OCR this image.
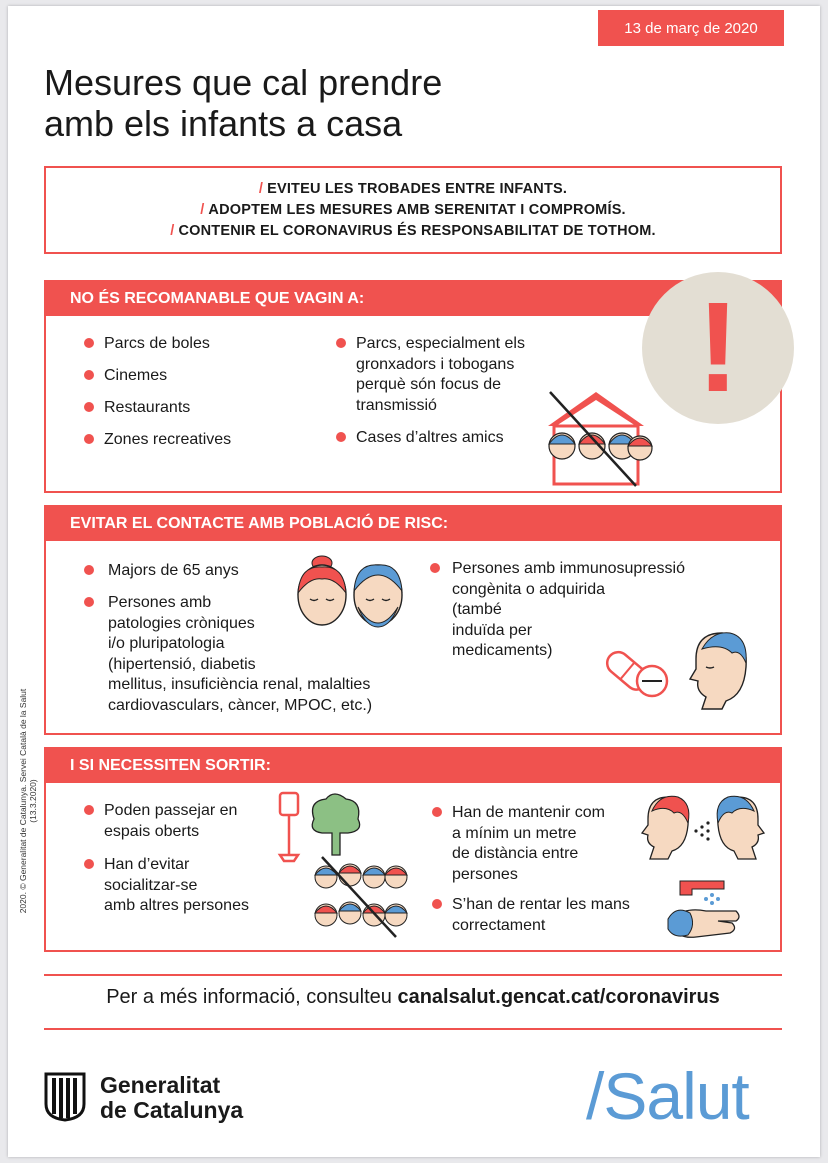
13 de març de 2020
Mesures que cal prendre
amb els infants a casa
/ EVITEU LES TROBADES ENTRE INFANTS.
/ ADOPTEM LES MESURES AMB SERENITAT I COMPROMÍS.
/ CONTENIR EL CORONAVIRUS ÉS RESPONSABILITAT DE TOTHOM.
NO ÉS RECOMANABLE QUE VAGIN A:
Parcs de boles
Cinemes
Restaurants
Zones recreatives
Parcs, especialment els
gronxadors i tobogans
perquè són focus de
transmissió
Cases d’altres amics
!
EVITAR EL CONTACTE AMB POBLACIÓ DE RISC:
Majors de 65 anys
Persones amb
patologies cròniques
i/o pluripatologia
(hipertensió, diabetis
mellitus, insuficiència renal, malalties
cardiovasculars, càncer, MPOC, etc.)
Persones amb immunosupressió
congènita o adquirida
(també
induïda per
medicaments)
I SI NECESSITEN SORTIR:
Poden passejar en
espais oberts
Han d’evitar
socialitzar-se
amb altres persones
Han de mantenir com
a mínim un metre
de distància entre
persones
S’han de rentar les mans
correctament
Per a més informació, consulteu canalsalut.gencat.cat/coronavirus
2020. © Generalitat de Catalunya. Servei Català de la Salut (13.3.2020)
Generalitat
de Catalunya	/Salut
